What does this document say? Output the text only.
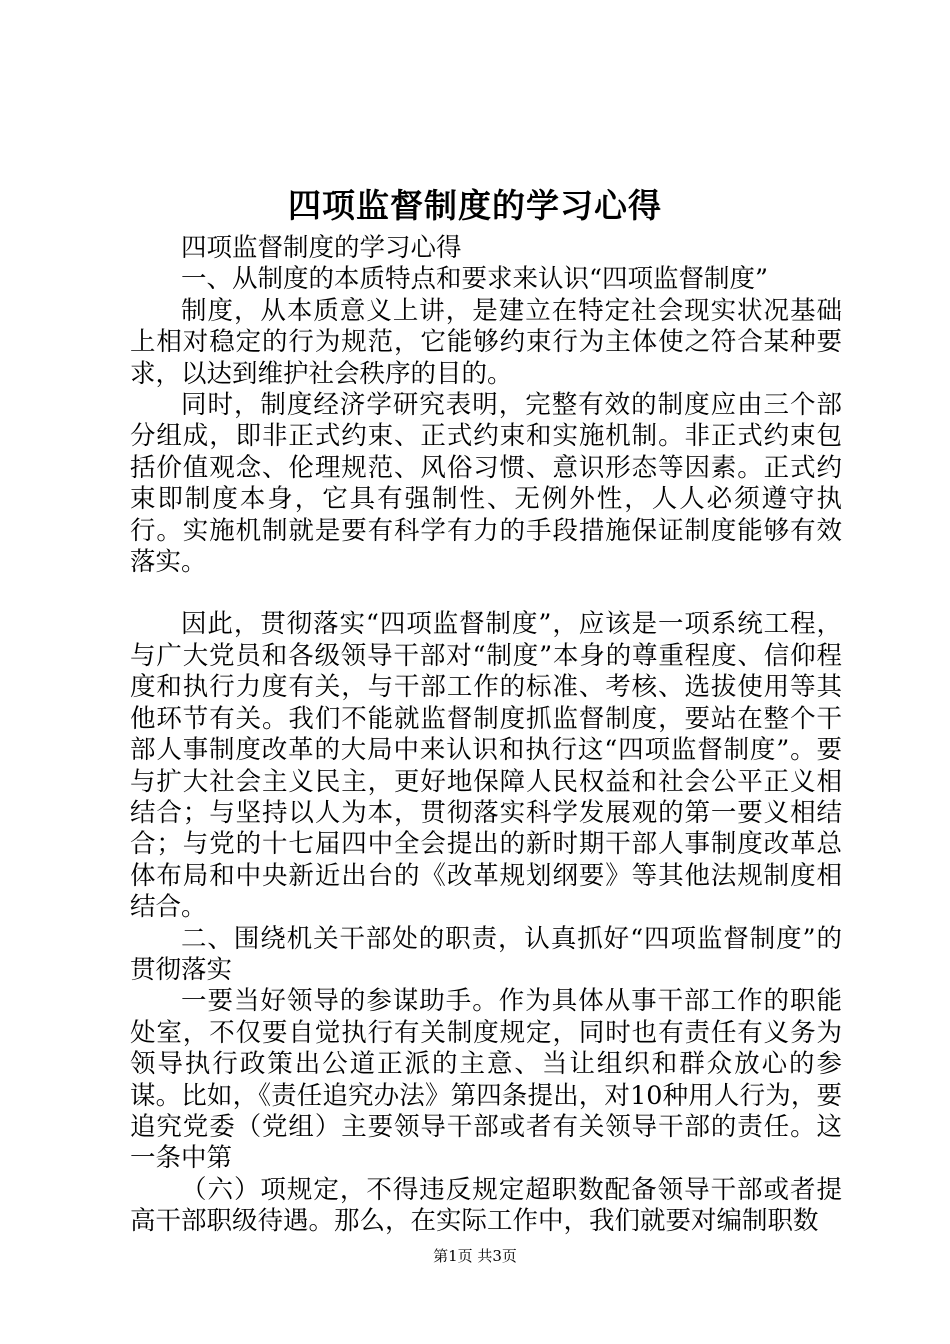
四项监督制度的学习心得

四项监督制度的学习心得

一、从制度的本质特点和要求来认识“四项监督制度”

制度，从本质意义上讲，是建立在特定社会现实状况基础上相对稳定的行为规范，它能够约束行为主体使之符合某种要求，以达到维护社会秩序的目的。

同时，制度经济学研究表明，完整有效的制度应由三个部分组成，即非正式约束、正式约束和实施机制。非正式约束包括价值观念、伦理规范、风俗习惯、意识形态等因素。正式约束即制度本身，它具有强制性、无例外性，人人必须遵守执行。实施机制就是要有科学有力的手段措施保证制度能够有效落实。

因此，贯彻落实“四项监督制度”，应该是一项系统工程，与广大党员和各级领导干部对“制度”本身的尊重程度、信仰程度和执行力度有关，与干部工作的标准、考核、选拔使用等其他环节有关。我们不能就监督制度抓监督制度，要站在整个干部人事制度改革的大局中来认识和执行这“四项监督制度”。要与扩大社会主义民主，更好地保障人民权益和社会公平正义相结合；与坚持以人为本，贯彻落实科学发展观的第一要义相结合；与党的十七届四中全会提出的新时期干部人事制度改革总体布局和中央新近出台的《改革规划纲要》等其他法规制度相结合。

二、围绕机关干部处的职责，认真抓好“四项监督制度”的贯彻落实

一要当好领导的参谋助手。作为具体从事干部工作的职能处室，不仅要自觉执行有关制度规定，同时也有责任有义务为领导执行政策出公道正派的主意、当让组织和群众放心的参谋。比如，《责任追究办法》第四条提出，对10种用人行为，要追究党委（党组）主要领导干部或者有关领导干部的责任。这一条中第

（六）项规定，不得违反规定超职数配备领导干部或者提高干部职级待遇。那么，在实际工作中，我们就要对编制职数

第1页 共3页
